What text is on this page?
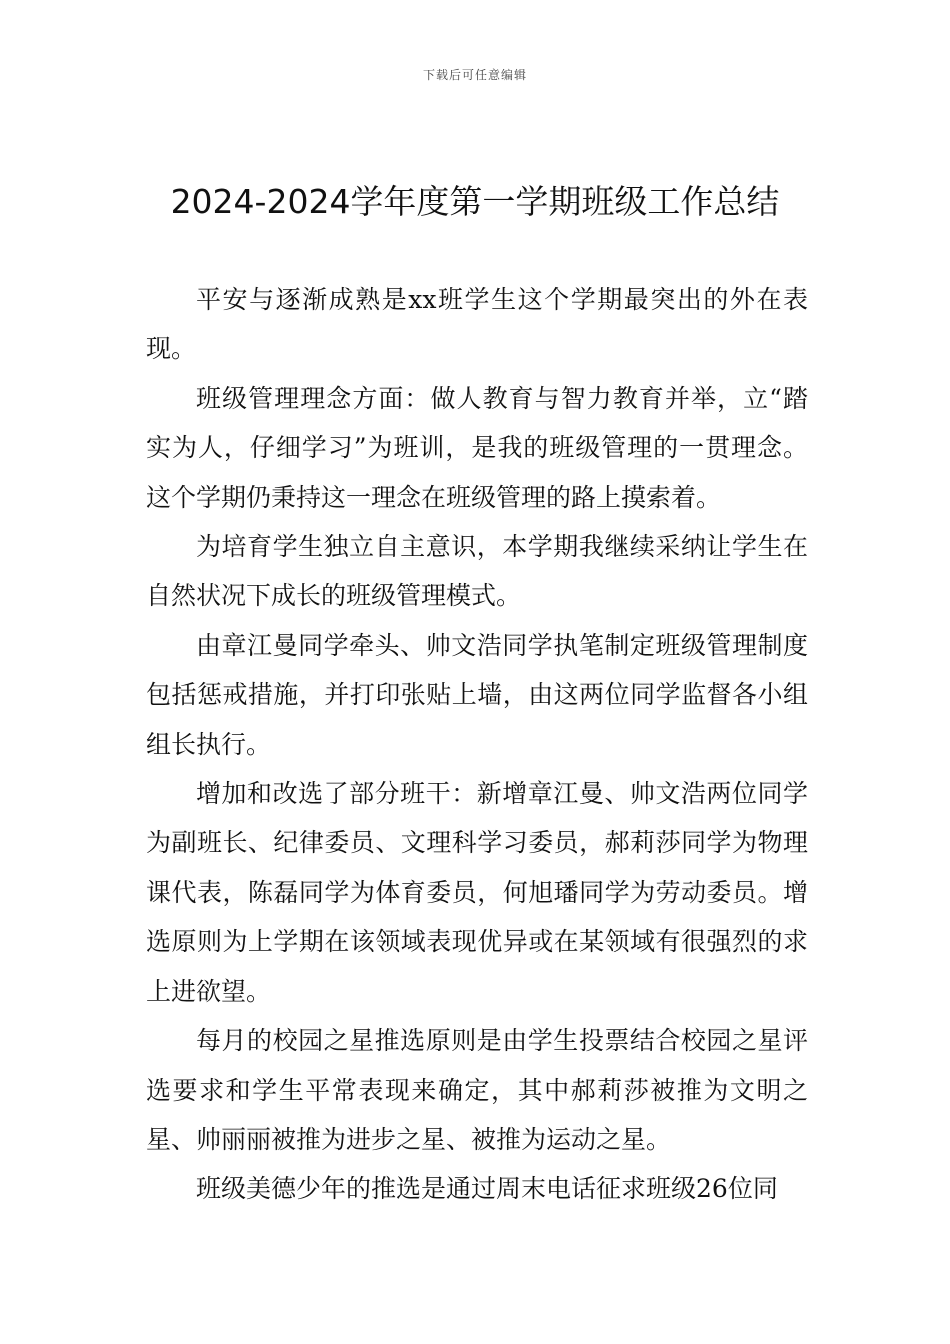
下载后可任意编辑
2024-2024学年度第一学期班级工作总结

平安与逐渐成熟是xx班学生这个学期最突出的外在表现。

班级管理理念方面：做人教育与智力教育并举，立“踏实为人，仔细学习”为班训，是我的班级管理的一贯理念。这个学期仍秉持这一理念在班级管理的路上摸索着。

为培育学生独立自主意识，本学期我继续采纳让学生在自然状况下成长的班级管理模式。

由章江曼同学牵头、帅文浩同学执笔制定班级管理制度包括惩戒措施，并打印张贴上墙，由这两位同学监督各小组组长执行。

增加和改选了部分班干：新增章江曼、帅文浩两位同学为副班长、纪律委员、文理科学习委员，郝莉莎同学为物理课代表，陈磊同学为体育委员，何旭璠同学为劳动委员。增选原则为上学期在该领域表现优异或在某领域有很强烈的求上进欲望。

每月的校园之星推选原则是由学生投票结合校园之星评选要求和学生平常表现来确定，其中郝莉莎被推为文明之星、帅丽丽被推为进步之星、被推为运动之星。

班级美德少年的推选是通过周末电话征求班级26位同
